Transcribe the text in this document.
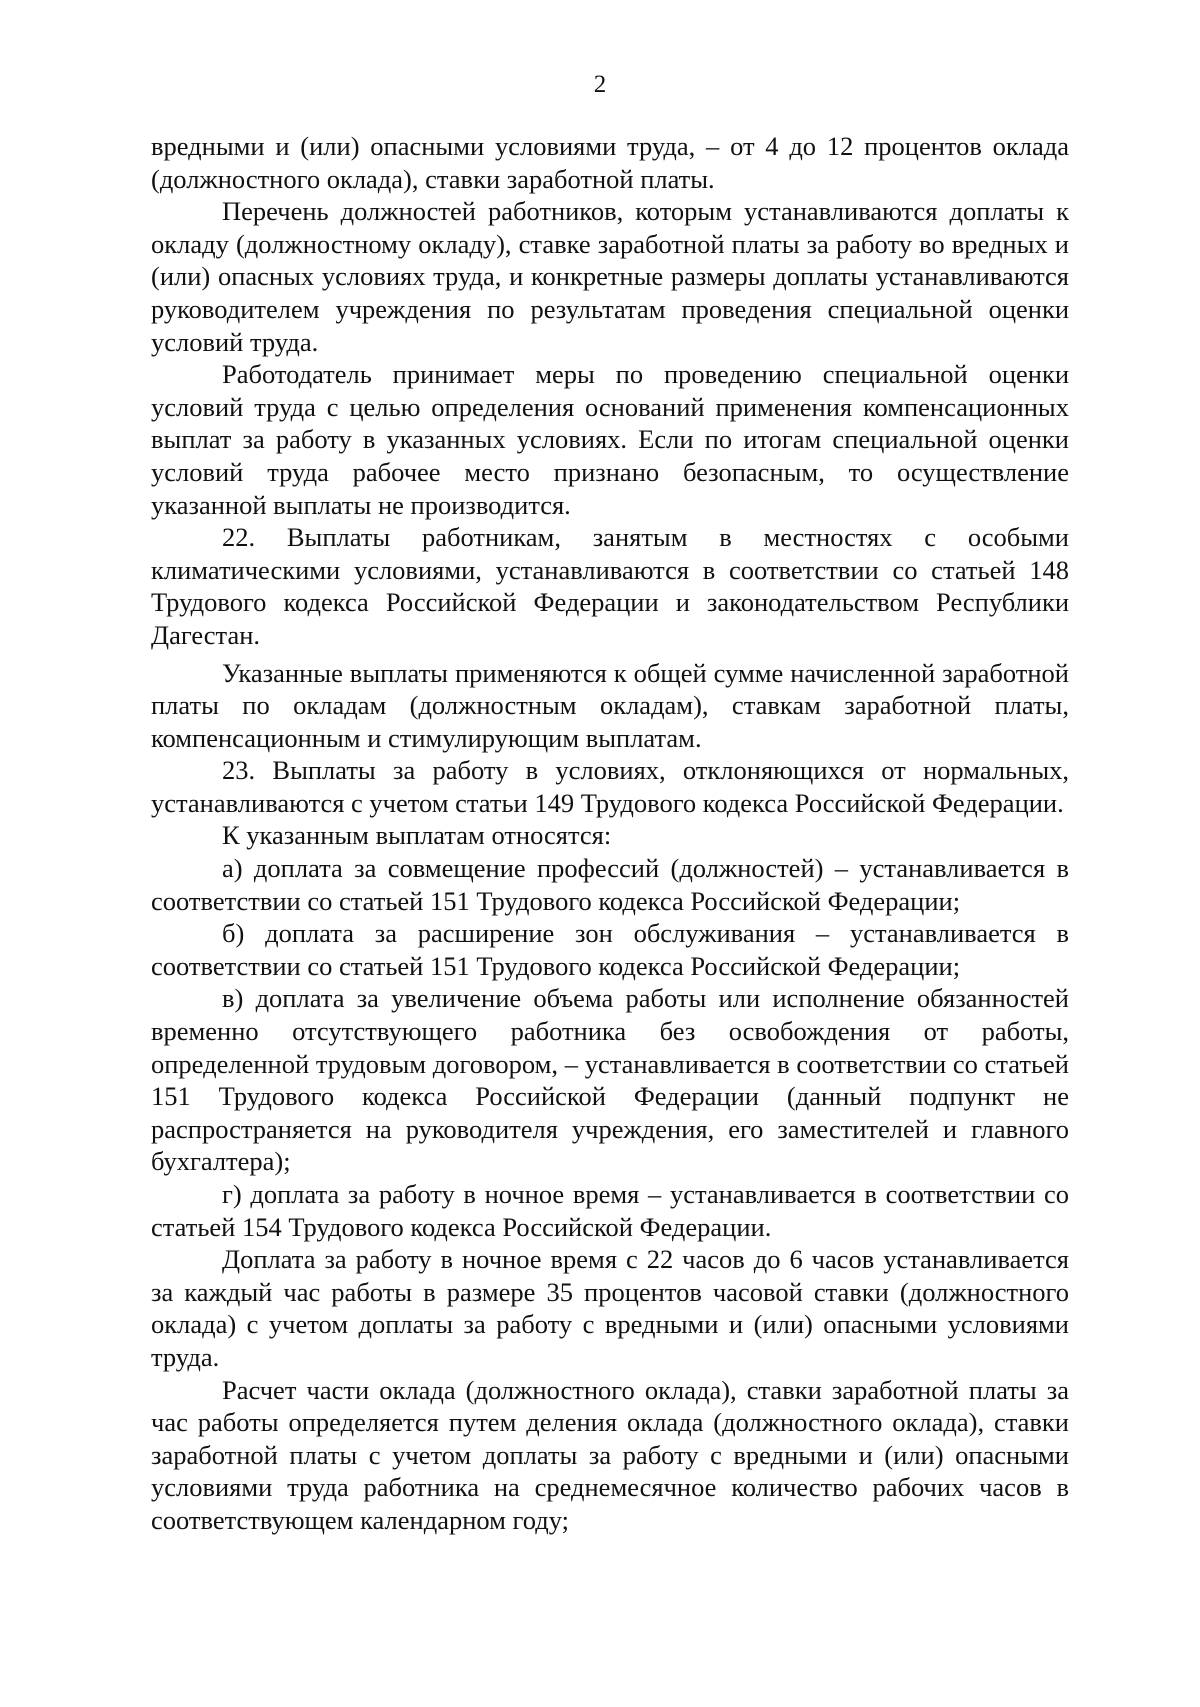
2

вредными и (или) опасными условиями труда, – от 4 до 12 процентов оклада (должностного оклада), ставки заработной платы.

Перечень должностей работников, которым устанавливаются доплаты к окладу (должностному окладу), ставке заработной платы за работу во вредных и (или) опасных условиях труда, и конкретные размеры доплаты устанавливаются руководителем учреждения по результатам проведения специальной оценки условий труда.

Работодатель принимает меры по проведению специальной оценки условий труда с целью определения оснований применения компенсационных выплат за работу в указанных условиях. Если по итогам специальной оценки условий труда рабочее место признано безопасным, то осуществление указанной выплаты не производится.

22. Выплаты работникам, занятым в местностях с особыми климатическими условиями, устанавливаются в соответствии со статьей 148 Трудового кодекса Российской Федерации и законодательством Республики Дагестан.

Указанные выплаты применяются к общей сумме начисленной заработной платы по окладам (должностным окладам), ставкам заработной платы, компенсационным и стимулирующим выплатам.

23. Выплаты за работу в условиях, отклоняющихся от нормальных, устанавливаются с учетом статьи 149 Трудового кодекса Российской Федерации.

К указанным выплатам относятся:

а) доплата за совмещение профессий (должностей) – устанавливается в соответствии со статьей 151 Трудового кодекса Российской Федерации;

б) доплата за расширение зон обслуживания – устанавливается в соответствии со статьей 151 Трудового кодекса Российской Федерации;

в) доплата за увеличение объема работы или исполнение обязанностей временно отсутствующего работника без освобождения от работы, определенной трудовым договором, – устанавливается в соответствии со статьей 151 Трудового кодекса Российской Федерации (данный подпункт не распространяется на руководителя учреждения, его заместителей и главного бухгалтера);

г) доплата за работу в ночное время – устанавливается в соответствии со статьей 154 Трудового кодекса Российской Федерации.

Доплата за работу в ночное время с 22 часов до 6 часов устанавливается за каждый час работы в размере 35 процентов часовой ставки (должностного оклада) с учетом доплаты за работу с вредными и (или) опасными условиями труда.

Расчет части оклада (должностного оклада), ставки заработной платы за час работы определяется путем деления оклада (должностного оклада), ставки заработной платы с учетом доплаты за работу с вредными и (или) опасными условиями труда работника на среднемесячное количество рабочих часов в соответствующем календарном году;
